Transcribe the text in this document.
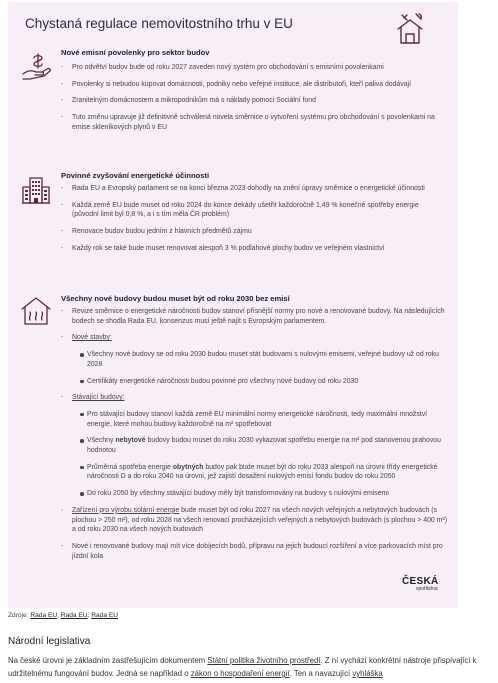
Chystaná regulace nemovitostního trhu v EU
Nové emisní povolenky pro sektor budov
- Pro odvětví budov bude od roku 2027 zaveden nový systém pro obchodování s emisními povolenkami
- Povolenky si nebudou kupovat domácnosti, podniky nebo veřejné instituce, ale distributoři, kteří paliva dodávají
- Zranitelným domácnostem a mikropodnikům má s náklady pomoci Sociální fond
- Tuto změnu upravuje již definitivně schválená novela směrnice o vytvoření systému pro obchodování s povolenkami na emise skleníkových plynů v EU
Povinné zvyšování energetické účinnosti
- Rada EU a Evropský parlament se na konci března 2023 dohodly na znění úpravy směrnice o energetické účinnosti
- Každá země EU bude muset od roku 2024 do konce dekády ušetřit každoročně 1,49 % konečné spotřeby energie (původní limit byl 0,8 %, a i s tím měla ČR problém)
- Renovace budov budou jedním z hlavních předmětů zájmu
- Každý rok se také bude muset renovovat alespoň 3 % podlahové plochy budov ve veřejném vlastnictví
Všechny nové budovy budou muset být od roku 2030 bez emisí
- Revize směrnice o energetické náročnosti budov stanoví přísnější normy pro nové a renovované budovy. Na následujících bodech se shodla Rada EU, konsenzus musí ještě najít s Evropským parlamentem.
- Nové stavby:
Všechny nové budovy se od roku 2030 budou muset stát budovami s nulovými emisemi, veřejné budovy už od roku 2028
Certifikáty energetické náročnosti budou povinné pro všechny nové budovy od roku 2030
- Stávající budovy:
Pro stávající budovy stanoví každá země EU minimální normy energetické náročnosti, tedy maximální množství energie, které mohou budovy každoročně na m² spotřebovat
Všechny nebytové budovy budou muset do roku 2030 vykazovat spotřebu energie na m² pod stanovenou prahovou hodnotou
Průměrná spotřeba energie obytných budov pak bude muset být do roku 2033 alespoň na úrovni třídy energetické náročnosti D a do roku 2040 na úrovni, jež zajistí dosažení nulových emisí fondu budov do roku 2050
Do roku 2050 by všechny stávající budovy měly být transformovány na budovy s nulovými emisemi
- Zařízení pro výrobu solární energie bude muset být od roku 2027 na všech nových veřejných a nebytových budovách (s plochou > 250 m²), od roku 2028 na všech renovací procházejících veřejných a nebytových budovách (s plochou > 400 m²) a od roku 2030 na všech nových budovách
- Nové i renovované budovy mají mít více dobíjecích bodů, přípravu na jejich budoucí rozšíření a více parkovacích míst pro jízdní kola
ČESKÁ
spořitelna
Zdroje: Rada EU, Rada EU, Rada EU
Národní legislativa
Na české úrovni je základním zastřešujícím dokumentem Státní politika životního prostředí. Z ní vychází konkrétní nástroje přispívající k udržitelnému fungování budov. Jedná se například o zákon o hospodaření energií. Ten a navazující vyhláška
